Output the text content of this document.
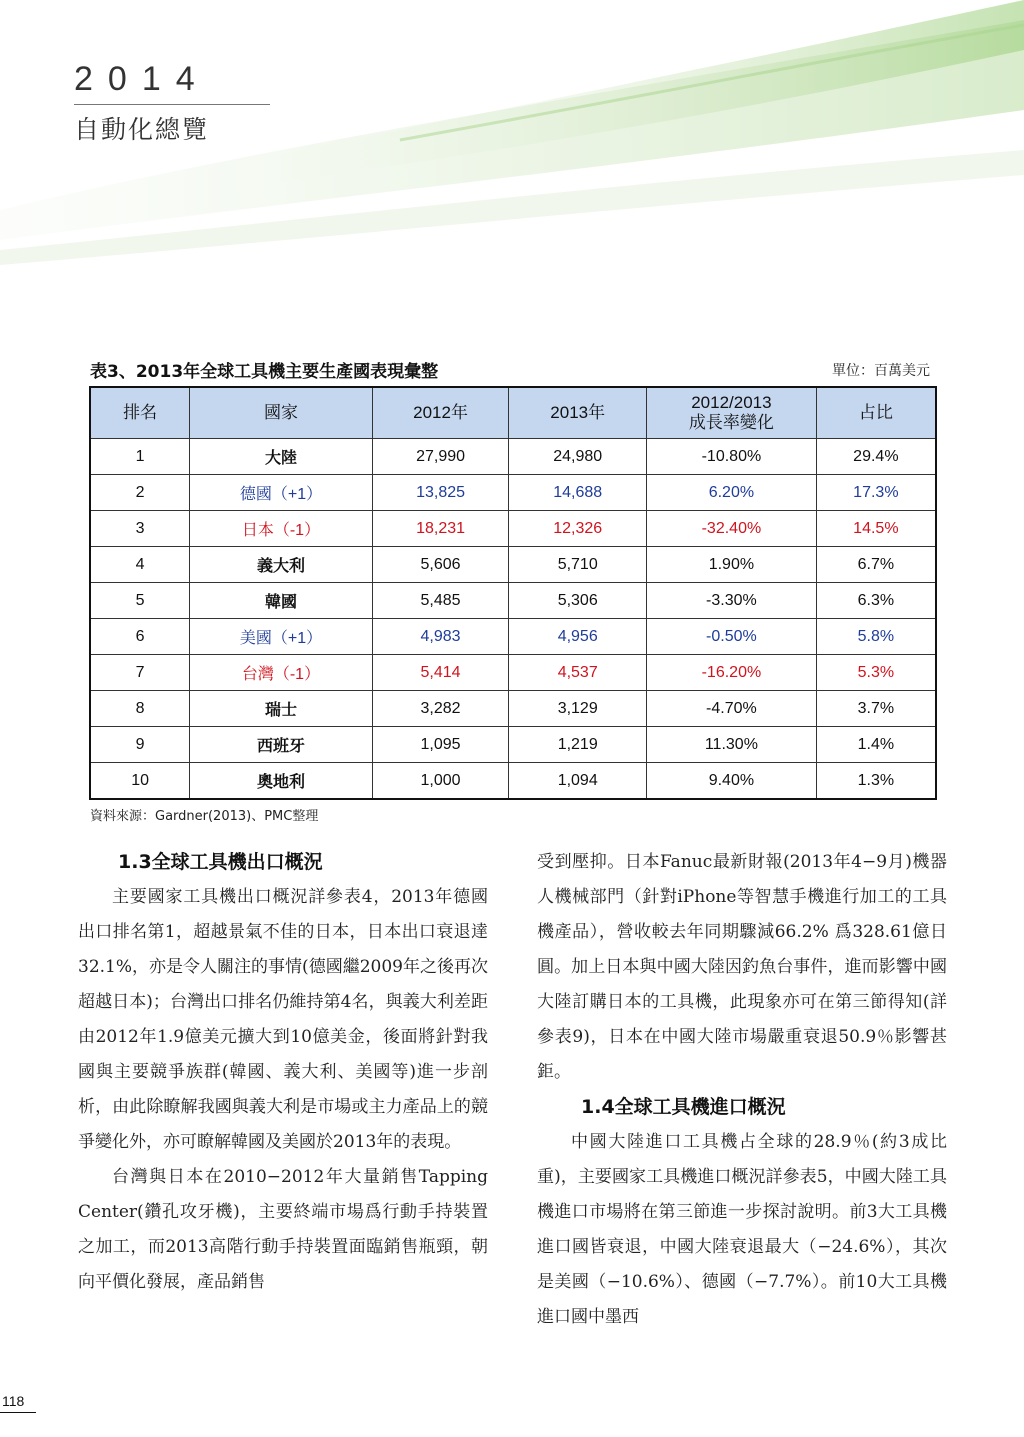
2014
自動化總覽
表3、2013年全球工具機主要生產國表現彙整	單位：百萬美元
排名	國家	2012年	2013年	2012/2013
成長率變化	占比
1	大陸	27,990	24,980	-10.80%	29.4%
2	德國（+1）	13,825	14,688	6.20%	17.3%
3	日本（-1）	18,231	12,326	-32.40%	14.5%
4	義大利	5,606	5,710	1.90%	6.7%
5	韓國	5,485	5,306	-3.30%	6.3%
6	美國（+1）	4,983	4,956	-0.50%	5.8%
7	台灣（-1）	5,414	4,537	-16.20%	5.3%
8	瑞士	3,282	3,129	-4.70%	3.7%
9	西班牙	1,095	1,219	11.30%	1.4%
10	奧地利	1,000	1,094	9.40%	1.3%
資料來源：Gardner(2013)、PMC整理
1.3全球工具機出口概況

主要國家工具機出口概況詳參表4，2013年德國出口排名第1，超越景氣不佳的日本，日本出口衰退達32.1%，亦是令人關注的事情(德國繼2009年之後再次超越日本)；台灣出口排名仍維持第4名，與義大利差距由2012年1.9億美元擴大到10億美金，後面將針對我國與主要競爭族群(韓國、義大利、美國等)進一步剖析，由此除瞭解我國與義大利是市場或主力產品上的競爭變化外，亦可瞭解韓國及美國於2013年的表現。

台灣與日本在2010−2012年大量銷售Tapping Center(鑽孔攻牙機)，主要終端市場爲行動手持裝置之加工，而2013高階行動手持裝置面臨銷售瓶頸，朝向平價化發展，產品銷售

受到壓抑。日本Fanuc最新財報(2013年4−9月)機器人機械部門（針對iPhone等智慧手機進行加工的工具機產品），營收較去年同期驟減66.2% 爲328.61億日圓。加上日本與中國大陸因釣魚台事件，進而影響中國大陸訂購日本的工具機，此現象亦可在第三節得知(詳參表9)，日本在中國大陸市場嚴重衰退50.9％影響甚鉅。

1.4全球工具機進口概況

中國大陸進口工具機占全球的28.9％(約3成比重)，主要國家工具機進口概況詳參表5，中國大陸工具機進口市場將在第三節進一步探討說明。前3大工具機進口國皆衰退，中國大陸衰退最大（−24.6%），其次是美國（−10.6%）、德國（−7.7%）。前10大工具機進口國中墨西

118
